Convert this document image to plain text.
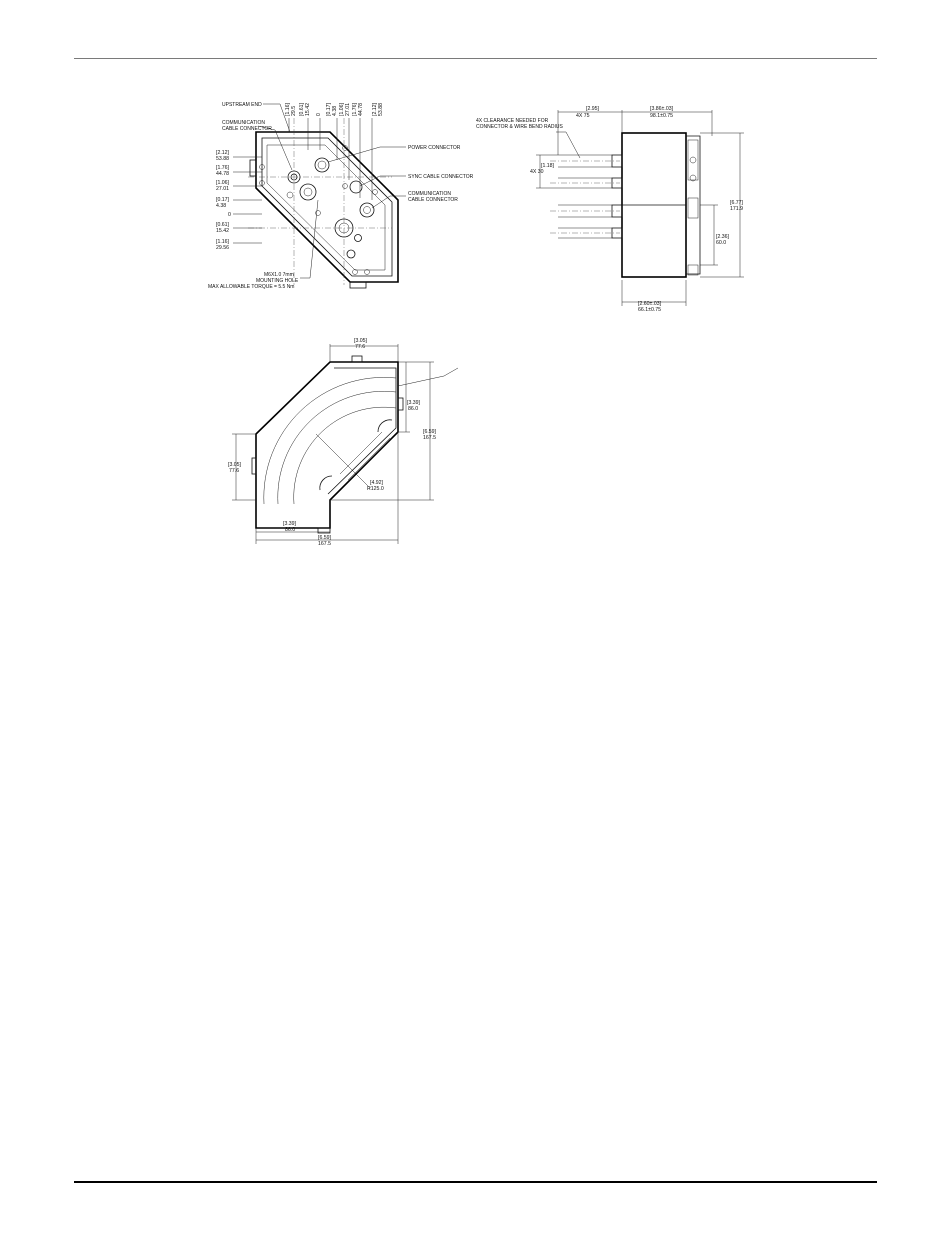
UPSTREAM END
COMMUNICATION
CABLE CONNECTOR
POWER CONNECTOR
SYNC CABLE CONNECTOR
COMMUNICATION
CABLE CONNECTOR
M6X1.0 7mm
MOUNTING HOLE
MAX ALLOWABLE TORQUE = 5.5 Nm
[1.16] 29.5 [0.61] 15.42 0 [0.17] 4.38 [1.06] 27.01 [1.76] 44.78 [2.12] 53.88
[2.12]
53.88
[1.76]
44.78
[1.06]
27.01
[0.17]
4.38
0
[0.61]
15.42
[1.16]
29.56
4X CLEARANCE NEEDED FOR
CONNECTOR & WIRE BEND RADIUS
[2.95]
4X 75
[3.86±.03]
98.1±0.75
[1.18]
4X 30
[6.77]
171.9
[2.36]
60.0
[2.60±.03]
66.1±0.75
[3.05]
77.6
[3.39]
86.0
[6.59]
167.5
[3.05]
77.6
[4.92]
R125.0
[3.39]
86.0
[6.59]
167.5
